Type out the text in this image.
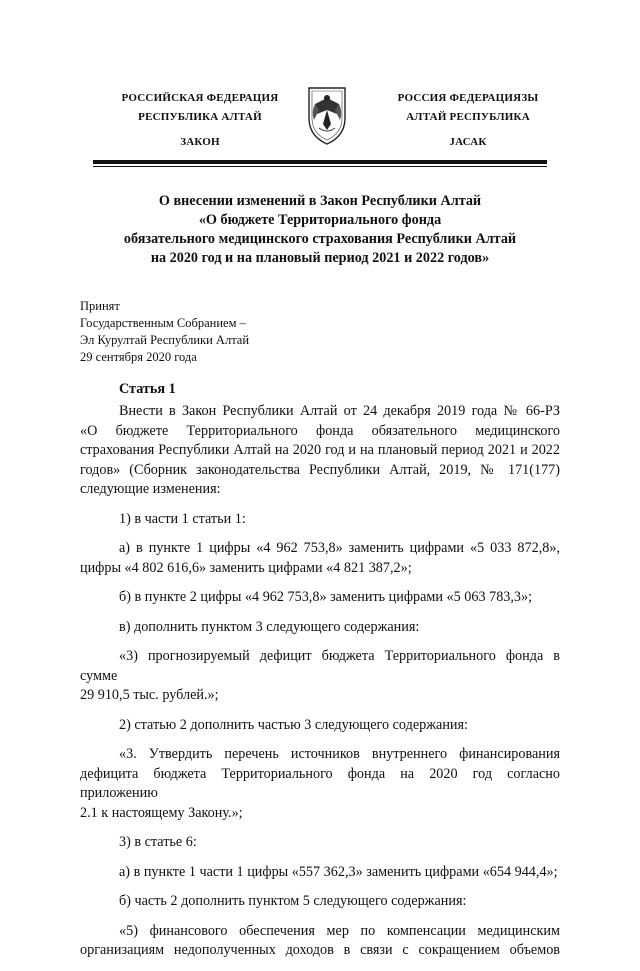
РОССИЙСКАЯ ФЕДЕРАЦИЯ
РЕСПУБЛИКА АЛТАЙ
ЗАКОН
РОССИЯ ФЕДЕРАЦИЯЗЫ
АЛТАЙ РЕСПУБЛИКА
ЈАСАК
О внесении изменений в Закон Республики Алтай
«О бюджете Территориального фонда
обязательного медицинского страхования Республики Алтай
на 2020 год и на плановый период 2021 и 2022 годов»
Принят
Государственным Собранием –
Эл Курултай Республики Алтай
29 сентября 2020 года
Статья 1
Внести в Закон Республики Алтай от 24 декабря 2019 года № 66-РЗ
«О бюджете Территориального фонда обязательного медицинского
страхования Республики Алтай на 2020 год и на плановый период 2021 и 2022
годов» (Сборник законодательства Республики Алтай, 2019, № 171(177)
следующие изменения:
1) в части 1 статьи 1:
а) в пункте 1 цифры «4 962 753,8» заменить цифрами «5 033 872,8»,
цифры «4 802 616,6» заменить цифрами «4 821 387,2»;
б) в пункте 2 цифры «4 962 753,8» заменить цифрами «5 063 783,3»;
в) дополнить пунктом 3 следующего содержания:
«3) прогнозируемый дефицит бюджета Территориального фонда в сумме
29 910,5 тыс. рублей.»;
2) статью 2 дополнить частью 3 следующего содержания:
«3. Утвердить перечень источников внутреннего финансирования
дефицита бюджета Территориального фонда на 2020 год согласно приложению
2.1 к настоящему Закону.»;
3) в статье 6:
а) в пункте 1 части 1 цифры «557 362,3» заменить цифрами «654 944,4»;
б) часть 2 дополнить пунктом 5 следующего содержания:
«5) финансового обеспечения мер по компенсации медицинским
организациям недополученных доходов в связи с сокращением объемов
